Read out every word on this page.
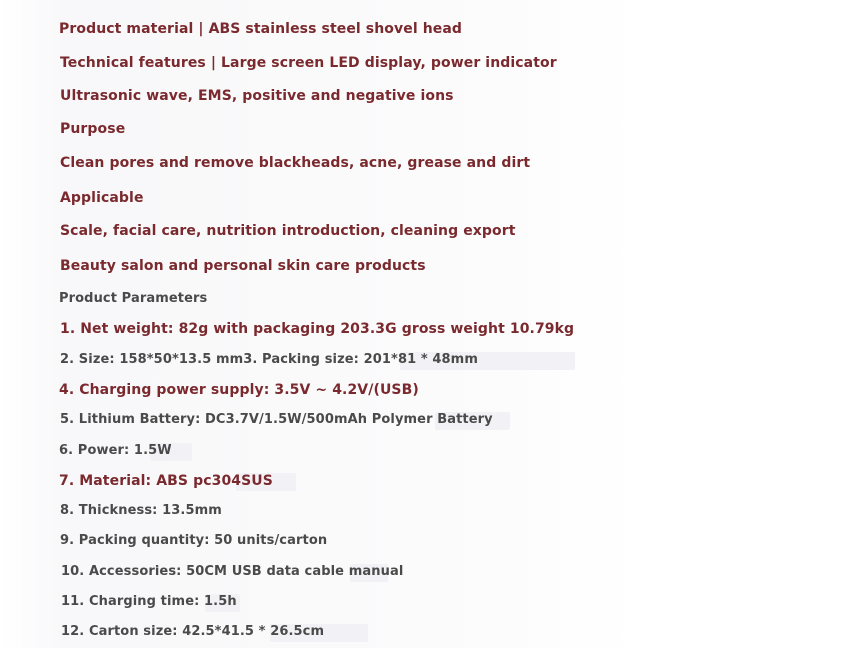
Product material | ABS stainless steel shovel head
Technical features | Large screen LED display, power indicator
Ultrasonic wave, EMS, positive and negative ions
Purpose
Clean pores and remove blackheads, acne, grease and dirt
Applicable
Scale, facial care, nutrition introduction, cleaning export
Beauty salon and personal skin care products
Product Parameters
1. Net weight: 82g with packaging 203.3G gross weight 10.79kg
2. Size: 158*50*13.5 mm3. Packing size: 201*81 * 48mm
4. Charging power supply: 3.5V ~ 4.2V/(USB)
5. Lithium Battery: DC3.7V/1.5W/500mAh Polymer Battery
6. Power: 1.5W
7. Material: ABS pc304SUS
8. Thickness: 13.5mm
9. Packing quantity: 50 units/carton
10. Accessories: 50CM USB data cable manual
11. Charging time: 1.5h
12. Carton size: 42.5*41.5 * 26.5cm
